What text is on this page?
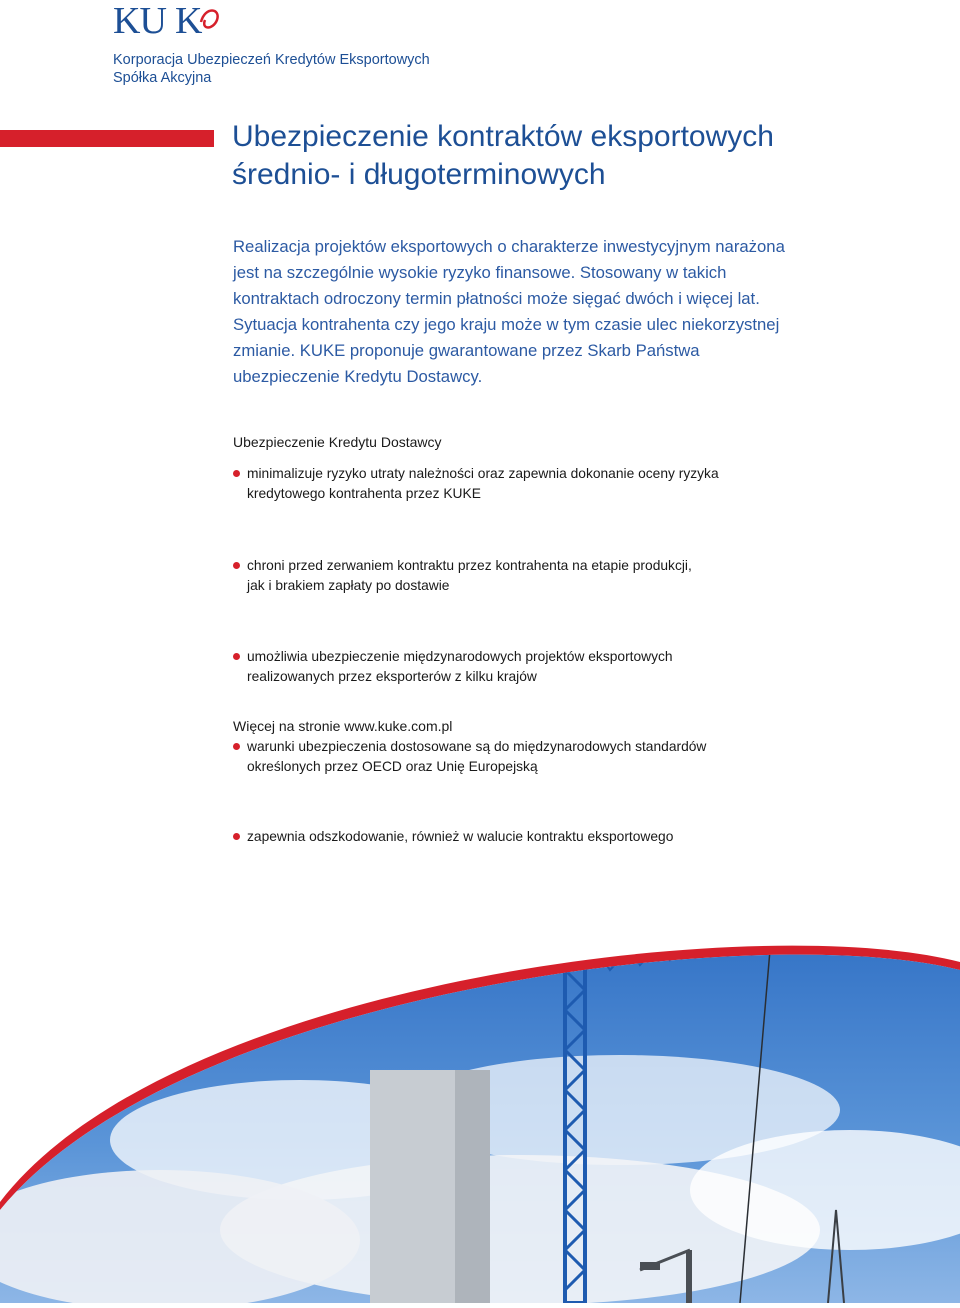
KU K
Korporacja Ubezpieczeń Kredytów Eksportowych
Spółka Akcyjna
Ubezpieczenie kontraktów eksportowych
średnio- i długoterminowych
Realizacja projektów eksportowych o charakterze inwestycyjnym narażona
jest na szczególnie wysokie ryzyko finansowe. Stosowany w takich
kontraktach odroczony termin płatności może sięgać dwóch i więcej lat.
Sytuacja kontrahenta czy jego kraju może w tym czasie ulec niekorzystnej
zmianie. KUKE proponuje gwarantowane przez Skarb Państwa
ubezpieczenie Kredytu Dostawcy.
Ubezpieczenie Kredytu Dostawcy
minimalizuje ryzyko utraty należności oraz zapewnia dokonanie oceny ryzyka
kredytowego kontrahenta przez KUKE
chroni przed zerwaniem kontraktu przez kontrahenta na etapie produkcji,
jak i brakiem zapłaty po dostawie
umożliwia ubezpieczenie międzynarodowych projektów eksportowych
realizowanych przez eksporterów z kilku krajów
warunki ubezpieczenia dostosowane są do międzynarodowych standardów
określonych przez OECD oraz Unię Europejską
zapewnia odszkodowanie, również w walucie kontraktu eksportowego
Więcej na stronie www.kuke.com.pl
